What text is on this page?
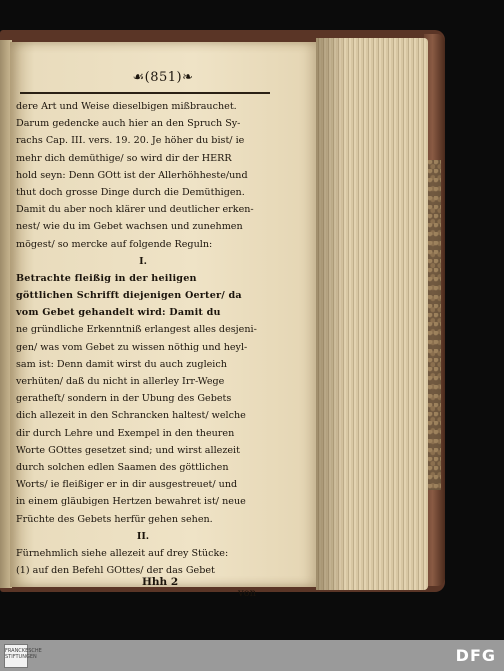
☙(851)❧
dere Art und Weise dieselbigen mißbrauchet.
Darum gedencke auch hier an den Spruch Sy-
rachs Cap. III. vers. 19. 20. Je höher du bist/ ie
mehr dich demüthige/ so wird dir der HERR
hold seyn: Denn GOtt ist der Allerhöhheste/und
thut doch grosse Dinge durch die Demüthigen.
Damit du aber noch klärer und deutlicher erken-
nest/ wie du im Gebet wachsen und zunehmen
mögest/ so mercke auf folgende Reguln:
I.
Betrachte fleißig in der heiligen
göttlichen Schrifft diejenigen Oerter/ da
vom Gebet gehandelt wird: Damit du
ne gründliche Erkenntniß erlangest alles desjeni-
gen/ was vom Gebet zu wissen nöthig und heyl-
sam ist: Denn damit wirst du auch zugleich
verhüten/ daß du nicht in allerley Irr-Wege
geratheſt/ sondern in der Ubung des Gebets
dich allezeit in den Schrancken haltest/ welche
dir durch Lehre und Exempel in den theuren
Worte GOttes gesetzet sind; und wirst allezeit
durch solchen edlen Saamen des göttlichen
Worts/ ie fleißiger er in dir ausgestreuet/ und
in einem gläubigen Hertzen bewahret ist/ neue
Früchte des Gebets herfür gehen sehen.
II.
Fürnehmlich siehe allezeit auf drey Stücke:
(1) auf den Befehl GOttes/ der das Gebet
Hhh 2
von
FRANCKESCHE STIFTUNGEN	DFG
